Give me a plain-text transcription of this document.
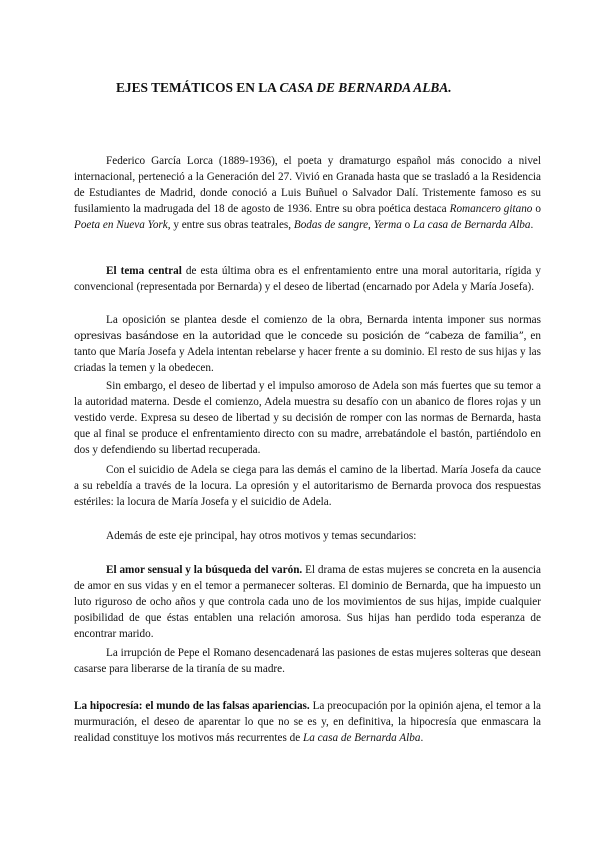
EJES TEMÁTICOS EN LA CASA DE BERNARDA ALBA.

Federico García Lorca (1889-1936), el poeta y dramaturgo español más conocido a nivel internacional, perteneció a la Generación del 27. Vivió en Granada hasta que se trasladó a la Residencia de Estudiantes de Madrid, donde conoció a Luis Buñuel o Salvador Dalí. Tristemente famoso es su fusilamiento la madrugada del 18 de agosto de 1936. Entre su obra poética destaca Romancero gitano o Poeta en Nueva York, y entre sus obras teatrales, Bodas de sangre, Yerma o La casa de Bernarda Alba.

El tema central de esta última obra es el enfrentamiento entre una moral autoritaria, rígida y convencional (representada por Bernarda) y el deseo de libertad (encarnado por Adela y María Josefa).

La oposición se plantea desde el comienzo de la obra, Bernarda intenta imponer sus normas opresivas basándose en la autoridad que le concede su posición de “cabeza de familia”, en tanto que María Josefa y Adela intentan rebelarse y hacer frente a su dominio. El resto de sus hijas y las criadas la temen y la obedecen.

Sin embargo, el deseo de libertad y el impulso amoroso de Adela son más fuertes que su temor a la autoridad materna. Desde el comienzo, Adela muestra su desafío con un abanico de flores rojas y un vestido verde. Expresa su deseo de libertad y su decisión de romper con las normas de Bernarda, hasta que al final se produce el enfrentamiento directo con su madre, arrebatándole el bastón, partiéndolo en dos y defendiendo su libertad recuperada.

Con el suicidio de Adela se ciega para las demás el camino de la libertad. María Josefa da cauce a su rebeldía a través de la locura. La opresión y el autoritarismo de Bernarda provoca dos respuestas estériles: la locura de María Josefa y el suicidio de Adela.

Además de este eje principal, hay otros motivos y temas secundarios:

El amor sensual y la búsqueda del varón. El drama de estas mujeres se concreta en la ausencia de amor en sus vidas y en el temor a permanecer solteras. El dominio de Bernarda, que ha impuesto un luto riguroso de ocho años y que controla cada uno de los movimientos de sus hijas, impide cualquier posibilidad de que éstas entablen una relación amorosa. Sus hijas han perdido toda esperanza de encontrar marido.

La irrupción de Pepe el Romano desencadenará las pasiones de estas mujeres solteras que desean casarse para liberarse de la tiranía de su madre.

La hipocresía: el mundo de las falsas apariencias. La preocupación por la opinión ajena, el temor a la murmuración, el deseo de aparentar lo que no se es y, en definitiva, la hipocresía que enmascara la realidad constituye los motivos más recurrentes de La casa de Bernarda Alba.
